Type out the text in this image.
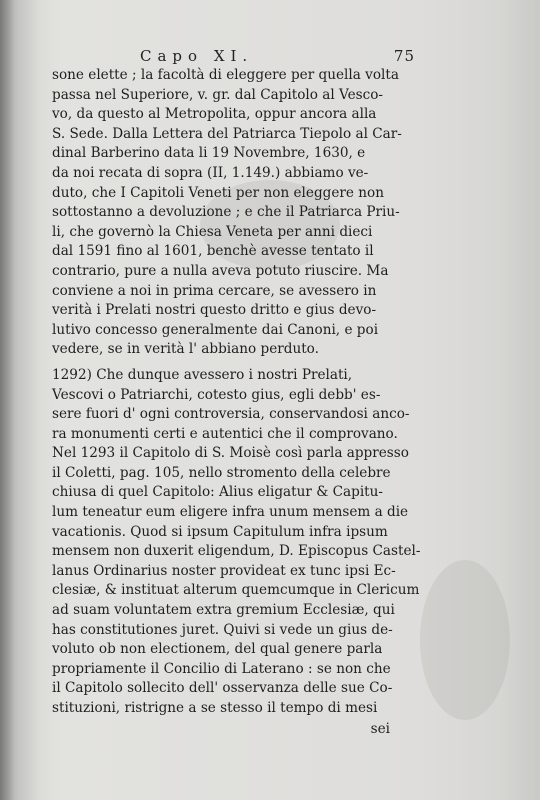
Capo XI.	75
sone elette ; la facoltà di eleggere per quella volta
passa nel Superiore, v. gr. dal Capitolo al Vesco-
vo, da questo al Metropolita, oppur ancora alla
S. Sede. Dalla Lettera del Patriarca Tiepolo al Car-
dinal Barberino data li 19 Novembre, 1630, e
da noi recata di sopra (II, 1.149.) abbiamo ve-
duto, che I Capitoli Veneti per non eleggere non
sottostanno a devoluzione ; e che il Patriarca Priu-
li, che governò la Chiesa Veneta per anni dieci
dal 1591 fino al 1601, benchè avesse tentato il
contrario, pure a nulla aveva potuto riuscire. Ma
conviene a noi in prima cercare, se avessero in
verità i Prelati nostri questo dritto e gius devo-
lutivo concesso generalmente dai Canoni, e poi
vedere, se in verità l' abbiano perduto.
1292) Che dunque avessero i nostri Prelati,
Vescovi o Patriarchi, cotesto gius, egli debb' es-
sere fuori d' ogni controversia, conservandosi anco-
ra monumenti certi e autentici che il comprovano.
Nel 1293 il Capitolo di S. Moisè così parla appresso
il Coletti, pag. 105, nello stromento della celebre
chiusa di quel Capitolo: Alius eligatur & Capitu-
lum teneatur eum eligere infra unum mensem a die
vacationis. Quod si ipsum Capitulum infra ipsum
mensem non duxerit eligendum, D. Episcopus Castel-
lanus Ordinarius noster provideat ex tunc ipsi Ec-
clesiæ, & instituat alterum quemcumque in Clericum
ad suam voluntatem extra gremium Ecclesiæ, qui
has constitutiones juret. Quivi si vede un gius de-
voluto ob non electionem, del qual genere parla
propriamente il Concilio di Laterano : se non che
il Capitolo sollecito dell' osservanza delle sue Co-
stituzioni, ristrigne a se stesso il tempo di mesi
sei
